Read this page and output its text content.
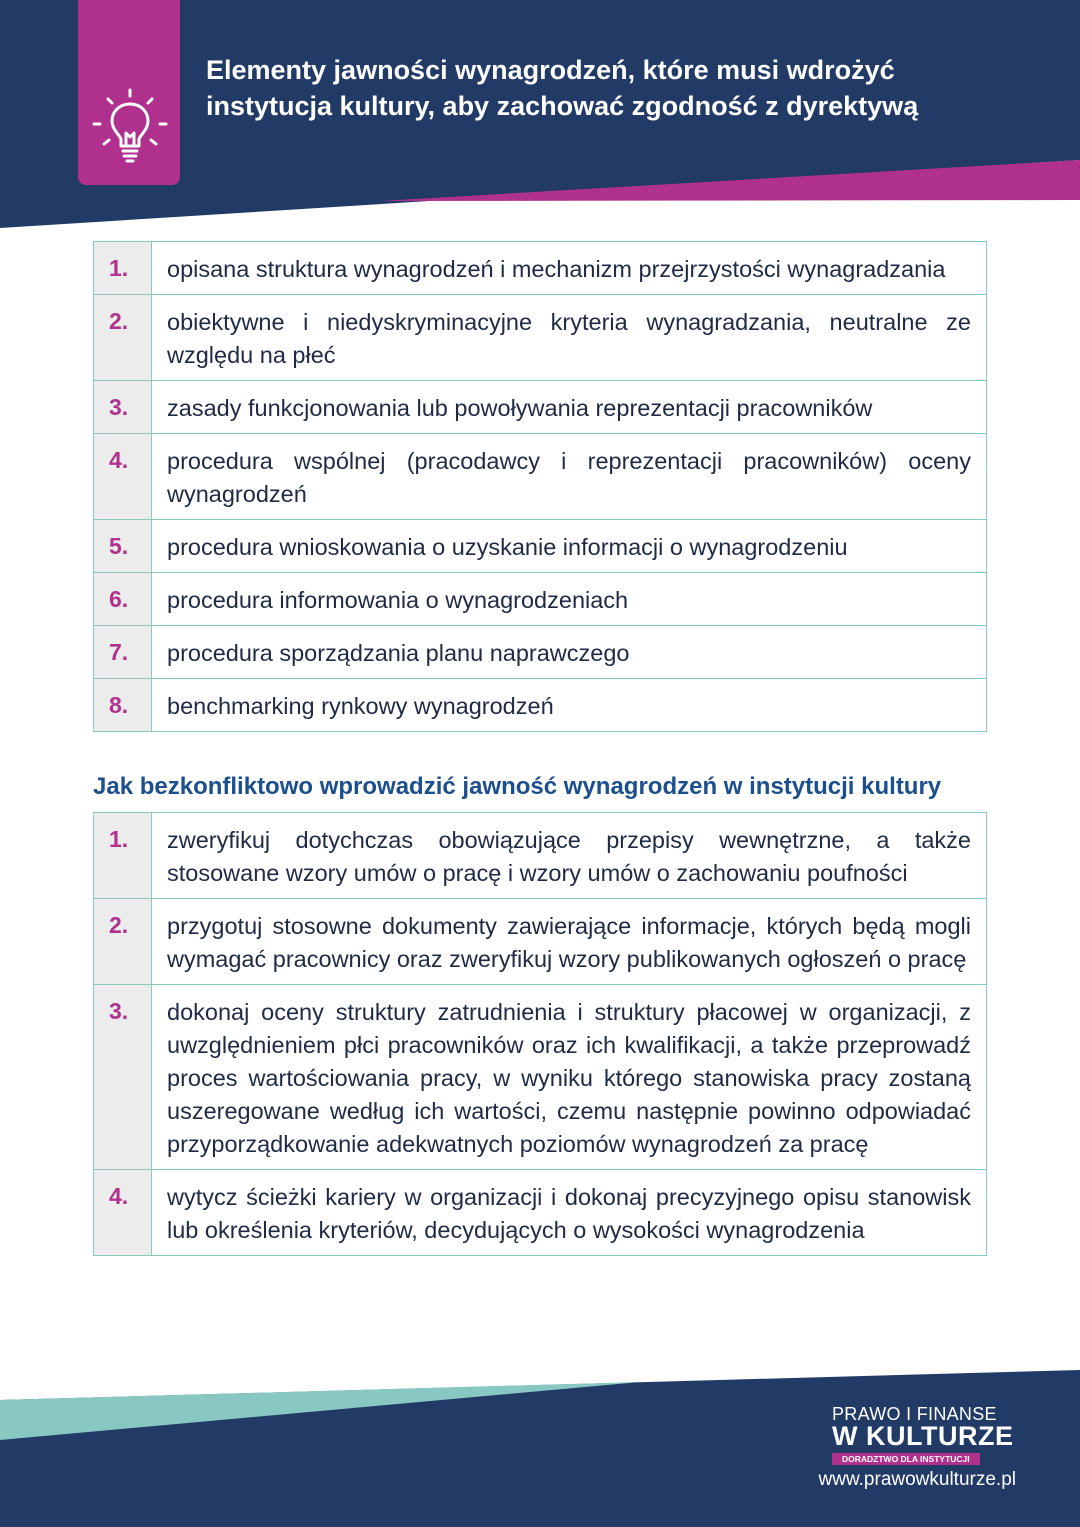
Elementy jawności wynagrodzeń, które musi wdrożyć
instytucja kultury, aby zachować zgodność z dyrektywą
1.	opisana struktura wynagrodzeń i mechanizm przejrzystości wynagradzania
2.	obiektywne i niedyskryminacyjne kryteria wynagradzania, neutralne ze względu na płeć
3.	zasady funkcjonowania lub powoływania reprezentacji pracowników
4.	procedura wspólnej (pracodawcy i reprezentacji pracowników) oceny wynagrodzeń
5.	procedura wnioskowania o uzyskanie informacji o wynagrodzeniu
6.	procedura informowania o wynagrodzeniach
7.	procedura sporządzania planu naprawczego
8.	benchmarking rynkowy wynagrodzeń
Jak bezkonfliktowo wprowadzić jawność wynagrodzeń w instytucji kultury
1.	zweryfikuj dotychczas obowiązujące przepisy wewnętrzne, a także stosowane wzory umów o pracę i wzory umów o zachowaniu poufności
2.	przygotuj stosowne dokumenty zawierające informacje, których będą mogli wymagać pracownicy oraz zweryfikuj wzory publikowanych ogłoszeń o pracę
3.	dokonaj oceny struktury zatrudnienia i struktury płacowej w organizacji, z uwzględnieniem płci pracowników oraz ich kwalifikacji, a także przeprowadź proces wartościowania pracy, w wyniku którego stanowiska pracy zostaną uszeregowane według ich wartości, czemu następnie powinno odpowiadać przyporządkowanie adekwatnych poziomów wynagrodzeń za pracę
4.	wytycz ścieżki kariery w organizacji i dokonaj precyzyjnego opisu stanowisk lub określenia kryteriów, decydujących o wysokości wynagrodzenia
PRAWO I FINANSE
W KULTURZE
DORADZTWO DLA INSTYTUCJI
www.prawowkulturze.pl
